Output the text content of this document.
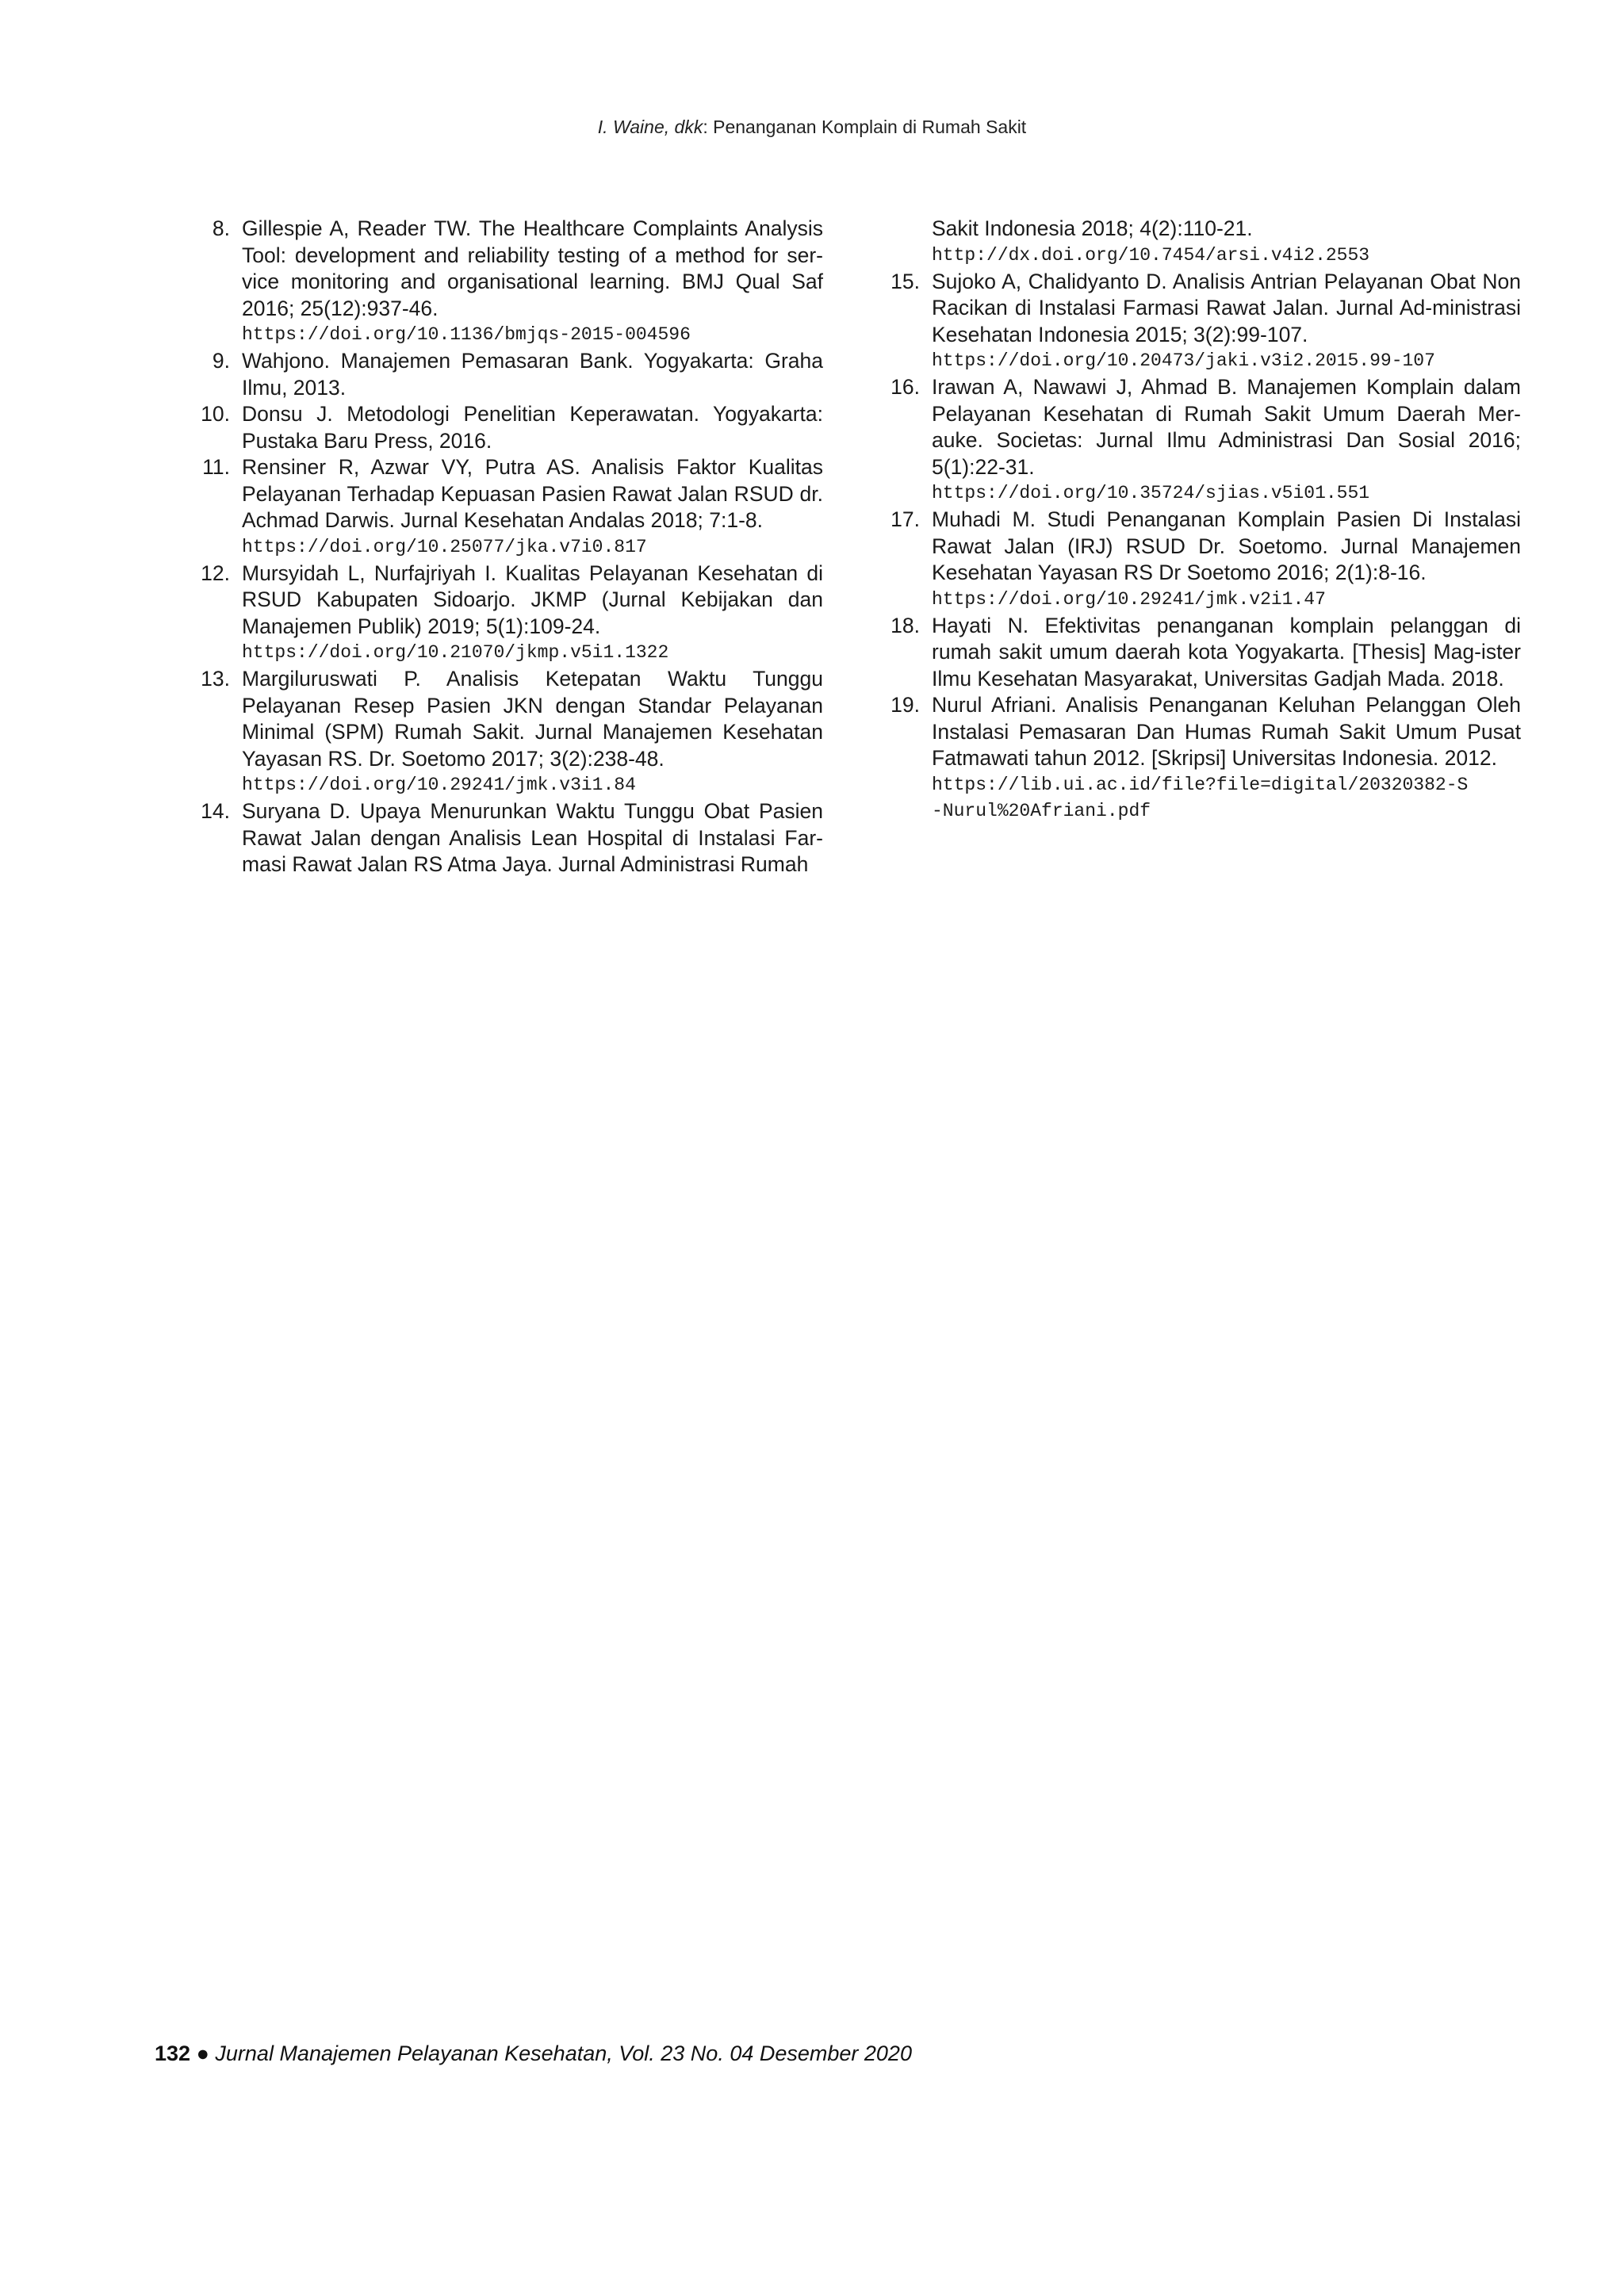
I. Waine, dkk: Penanganan Komplain di Rumah Sakit
8. Gillespie A, Reader TW. The Healthcare Complaints Analysis Tool: development and reliability testing of a method for ser-vice monitoring and organisational learning. BMJ Qual Saf 2016; 25(12):937-46.
https://doi.org/10.1136/bmjqs-2015-004596
9. Wahjono. Manajemen Pemasaran Bank. Yogyakarta: Graha Ilmu, 2013.
10. Donsu J. Metodologi Penelitian Keperawatan. Yogyakarta: Pustaka Baru Press, 2016.
11. Rensiner R, Azwar VY, Putra AS. Analisis Faktor Kualitas Pelayanan Terhadap Kepuasan Pasien Rawat Jalan RSUD dr. Achmad Darwis. Jurnal Kesehatan Andalas 2018; 7:1-8.
https://doi.org/10.25077/jka.v7i0.817
12. Mursyidah L, Nurfajriyah I. Kualitas Pelayanan Kesehatan di RSUD Kabupaten Sidoarjo. JKMP (Jurnal Kebijakan dan Manajemen Publik) 2019; 5(1):109-24.
https://doi.org/10.21070/jkmp.v5i1.1322
13. Margiluruswati P. Analisis Ketepatan Waktu Tunggu Pelayanan Resep Pasien JKN dengan Standar Pelayanan Minimal (SPM) Rumah Sakit. Jurnal Manajemen Kesehatan Yayasan RS. Dr. Soetomo 2017; 3(2):238-48.
https://doi.org/10.29241/jmk.v3i1.84
14. Suryana D. Upaya Menurunkan Waktu Tunggu Obat Pasien Rawat Jalan dengan Analisis Lean Hospital di Instalasi Far-masi Rawat Jalan RS Atma Jaya. Jurnal Administrasi Rumah
Sakit Indonesia 2018; 4(2):110-21.
http://dx.doi.org/10.7454/arsi.v4i2.2553
15. Sujoko A, Chalidyanto D. Analisis Antrian Pelayanan Obat Non Racikan di Instalasi Farmasi Rawat Jalan. Jurnal Ad-ministrasi Kesehatan Indonesia 2015; 3(2):99-107.
https://doi.org/10.20473/jaki.v3i2.2015.99-107
16. Irawan A, Nawawi J, Ahmad B. Manajemen Komplain dalam Pelayanan Kesehatan di Rumah Sakit Umum Daerah Mer-auke. Societas: Jurnal Ilmu Administrasi Dan Sosial 2016; 5(1):22-31.
https://doi.org/10.35724/sjias.v5i01.551
17. Muhadi M. Studi Penanganan Komplain Pasien Di Instalasi Rawat Jalan (IRJ) RSUD Dr. Soetomo. Jurnal Manajemen Kesehatan Yayasan RS Dr Soetomo 2016; 2(1):8-16.
https://doi.org/10.29241/jmk.v2i1.47
18. Hayati N. Efektivitas penanganan komplain pelanggan di rumah sakit umum daerah kota Yogyakarta. [Thesis] Mag-ister Ilmu Kesehatan Masyarakat, Universitas Gadjah Mada. 2018.
19. Nurul Afriani. Analisis Penanganan Keluhan Pelanggan Oleh Instalasi Pemasaran Dan Humas Rumah Sakit Umum Pusat Fatmawati tahun 2012. [Skripsi] Universitas Indonesia. 2012.
https://lib.ui.ac.id/file?file=digital/20320382-S
-Nurul%20Afriani.pdf
132 ● Jurnal Manajemen Pelayanan Kesehatan, Vol. 23 No. 04 Desember 2020
